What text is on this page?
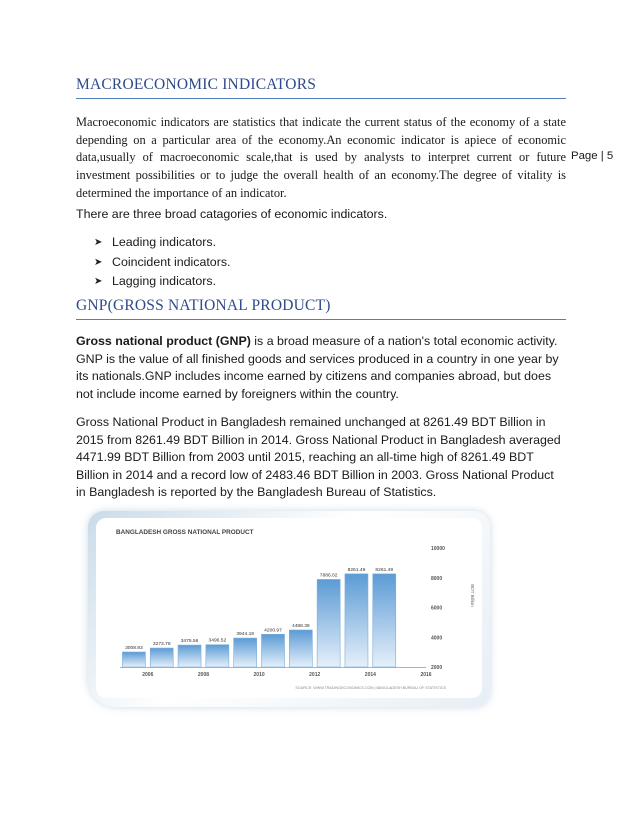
MACROECONOMIC INDICATORS

Macroeconomic indicators are statistics that indicate the current status of the economy of a state depending on a particular area of the economy.An economic indicator is apiece of economic data,usually of macroeconomic scale,that is used by analysts to interpret current or future investment possibilities or to judge the overall health of an economy.The degree of vitality is determined the importance of an indicator.

There are three broad catagories of economic indicators.

➤ Leading indicators.
➤ Coincident indicators.
➤ Lagging indicators.
GNP(GROSS NATIONAL PRODUCT)

Gross national product (GNP) is a broad measure of a nation's total economic activity. GNP is the value of all finished goods and services produced in a country in one year by its nationals.GNP includes income earned by citizens and companies abroad, but does not include income earned by foreigners within the country.

Gross National Product in Bangladesh remained unchanged at 8261.49 BDT Billion in 2015 from 8261.49 BDT Billion in 2014. Gross National Product in Bangladesh averaged 4471.99 BDT Billion from 2003 until 2015, reaching an all-time high of 8261.49 BDT Billion in 2014 and a record low of 2483.46 BDT Billion in 2003. Gross National Product in Bangladesh is reported by the Bangladesh Bureau of Statistics.

Page | 5
BANGLADESH GROSS NATIONAL PRODUCT
3008.93
3273.78
3475.56 3496.52
3944.19
4200.97
4488.39
7886.02
8261.49 8261.49
2006	2008	2010	2012	2014	2016
2000
4000
6000
8000
10000
BDT Billion
SOURCE: WWW.TRADINGECONOMICS.COM | BANGLADESH BUREAU OF STATISTICS
